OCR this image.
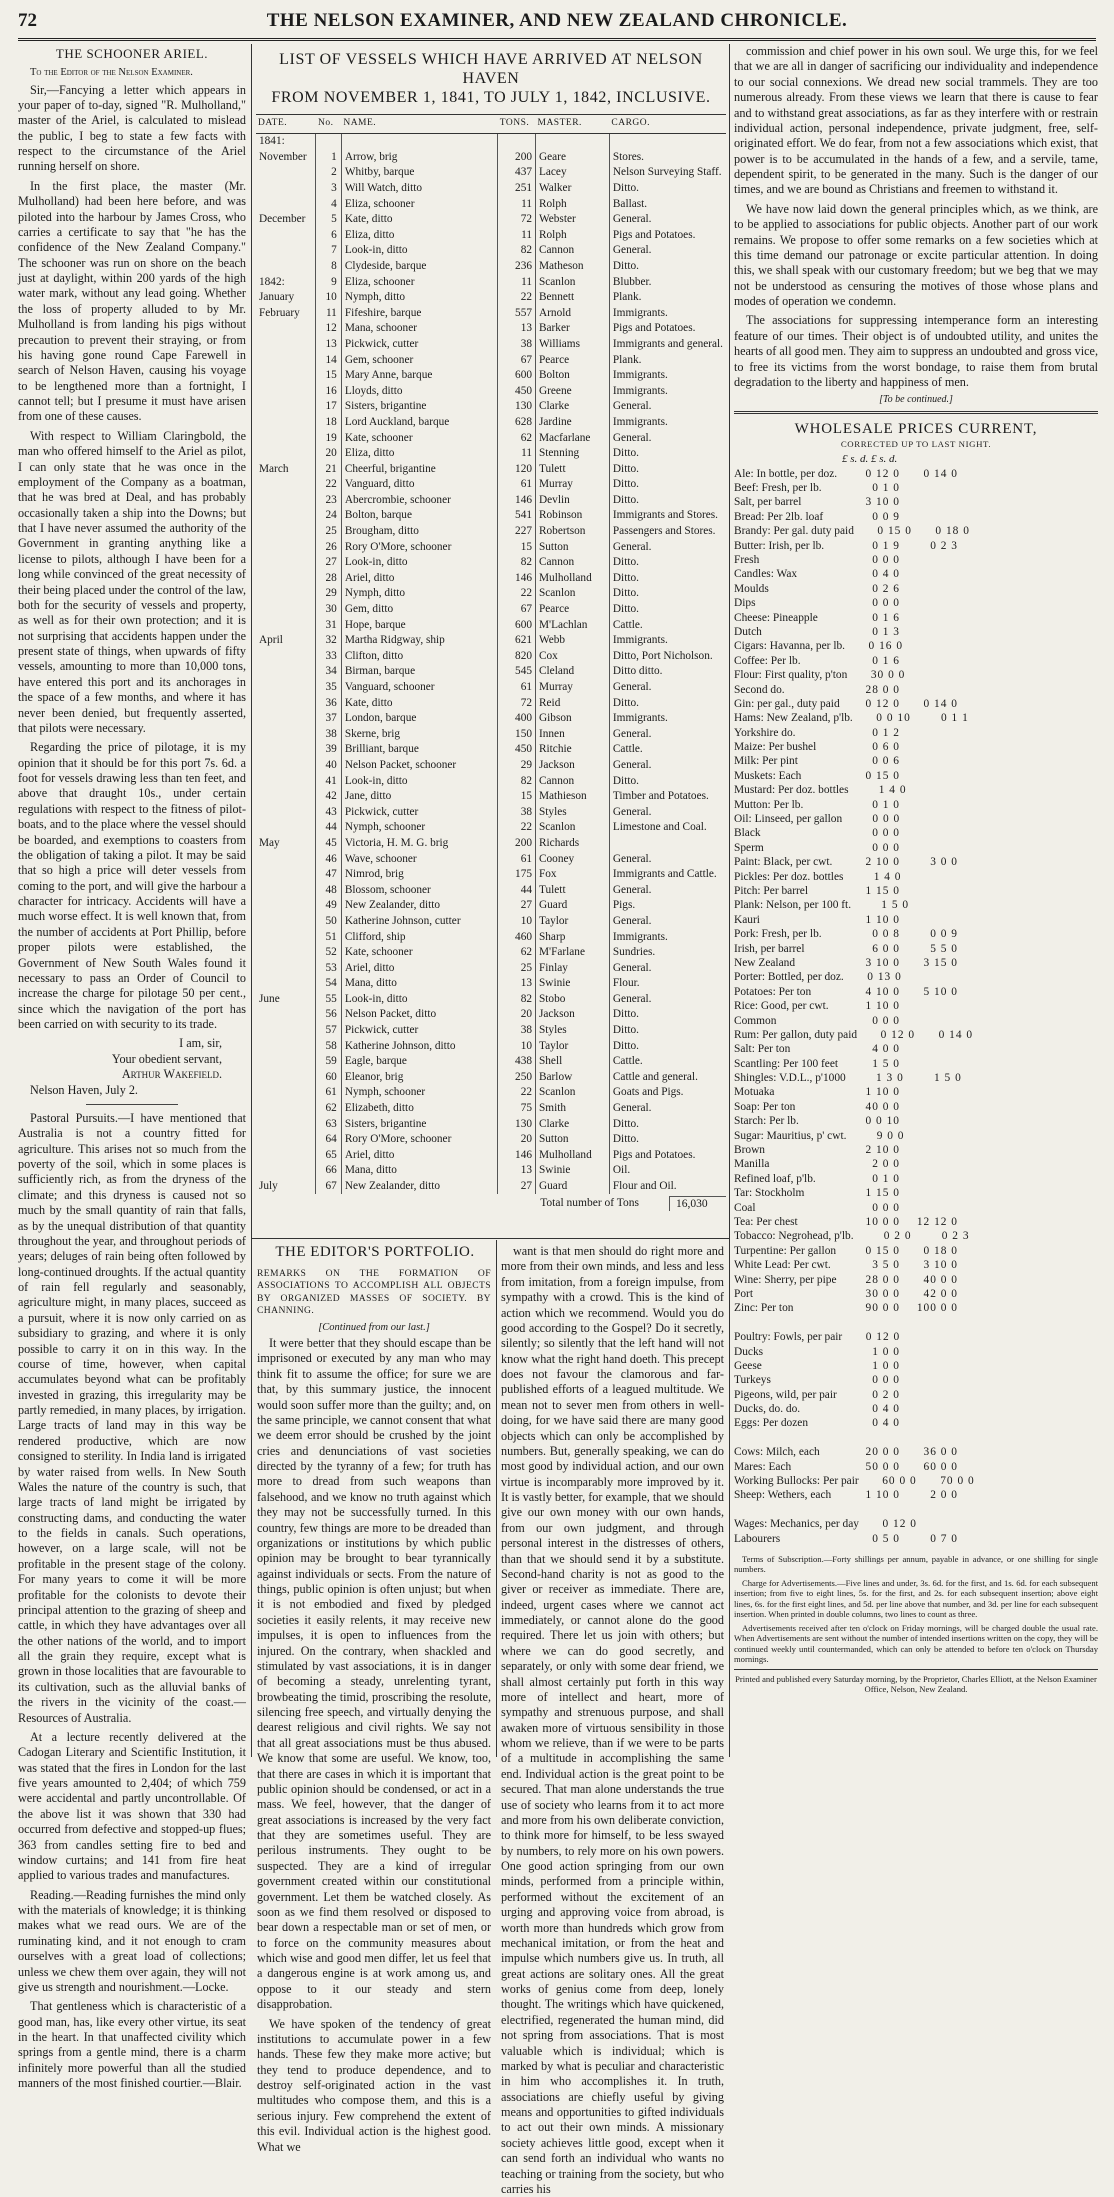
72	THE NELSON EXAMINER, AND NEW ZEALAND CHRONICLE.
THE SCHOONER ARIEL.
To the Editor of the Nelson Examiner.

Sir,—Fancying a letter which appears in your paper of to-day, signed "R. Mulholland," master of the Ariel, is calculated to mislead the public, I beg to state a few facts with respect to the circumstance of the Ariel running herself on shore.

In the first place, the master (Mr. Mulholland) had been here before, and was piloted into the harbour by James Cross, who carries a certificate to say that "he has the confidence of the New Zealand Company." The schooner was run on shore on the beach just at daylight, within 200 yards of the high water mark, without any lead going. Whether the loss of property alluded to by Mr. Mulholland is from landing his pigs without precaution to prevent their straying, or from his having gone round Cape Farewell in search of Nelson Haven, causing his voyage to be lengthened more than a fortnight, I cannot tell; but I presume it must have arisen from one of these causes.

With respect to William Claringbold, the man who offered himself to the Ariel as pilot, I can only state that he was once in the employment of the Company as a boatman, that he was bred at Deal, and has probably occasionally taken a ship into the Downs; but that I have never assumed the authority of the Government in granting anything like a license to pilots, although I have been for a long while convinced of the great necessity of their being placed under the control of the law, both for the security of vessels and property, as well as for their own protection; and it is not surprising that accidents happen under the present state of things, when upwards of fifty vessels, amounting to more than 10,000 tons, have entered this port and its anchorages in the space of a few months, and where it has never been denied, but frequently asserted, that pilots were necessary.

Regarding the price of pilotage, it is my opinion that it should be for this port 7s. 6d. a foot for vessels drawing less than ten feet, and above that draught 10s., under certain regulations with respect to the fitness of pilot-boats, and to the place where the vessel should be boarded, and exemptions to coasters from the obligation of taking a pilot. It may be said that so high a price will deter vessels from coming to the port, and will give the harbour a character for intricacy. Accidents will have a much worse effect. It is well known that, from the number of accidents at Port Phillip, before proper pilots were established, the Government of New South Wales found it necessary to pass an Order of Council to increase the charge for pilotage 50 per cent., since which the navigation of the port has been carried on with security to its trade.

I am, sir,
Your obedient servant,
Arthur Wakefield.
Nelson Haven, July 2.

Pastoral Pursuits.—I have mentioned that Australia is not a country fitted for agriculture. This arises not so much from the poverty of the soil, which in some places is sufficiently rich, as from the dryness of the climate; and this dryness is caused not so much by the small quantity of rain that falls, as by the unequal distribution of that quantity throughout the year, and throughout periods of years; deluges of rain being often followed by long-continued droughts. If the actual quantity of rain fell regularly and seasonably, agriculture might, in many places, succeed as a pursuit, where it is now only carried on as subsidiary to grazing, and where it is only possible to carry it on in this way. In the course of time, however, when capital accumulates beyond what can be profitably invested in grazing, this irregularity may be partly remedied, in many places, by irrigation. Large tracts of land may in this way be rendered productive, which are now consigned to sterility. In India land is irrigated by water raised from wells. In New South Wales the nature of the country is such, that large tracts of land might be irrigated by constructing dams, and conducting the water to the fields in canals. Such operations, however, on a large scale, will not be profitable in the present stage of the colony. For many years to come it will be more profitable for the colonists to devote their principal attention to the grazing of sheep and cattle, in which they have advantages over all the other nations of the world, and to import all the grain they require, except what is grown in those localities that are favourable to its cultivation, such as the alluvial banks of the rivers in the vicinity of the coast.—Resources of Australia.

At a lecture recently delivered at the Cadogan Literary and Scientific Institution, it was stated that the fires in London for the last five years amounted to 2,404; of which 759 were accidental and partly uncontrollable. Of the above list it was shown that 330 had occurred from defective and stopped-up flues; 363 from candles setting fire to bed and window curtains; and 141 from fire heat applied to various trades and manufactures.

Reading.—Reading furnishes the mind only with the materials of knowledge; it is thinking makes what we read ours. We are of the ruminating kind, and it not enough to cram ourselves with a great load of collections; unless we chew them over again, they will not give us strength and nourishment.—Locke.

That gentleness which is characteristic of a good man, has, like every other virtue, its seat in the heart. In that unaffected civility which springs from a gentle mind, there is a charm infinitely more powerful than all the studied manners of the most finished courtier.—Blair.

LIST OF VESSELS WHICH HAVE ARRIVED AT NELSON HAVEN
FROM NOVEMBER 1, 1841, TO JULY 1, 1842, INCLUSIVE.
DATE.	No.	NAME.	TONS.	MASTER.	CARGO.
1841:					
November	1	Arrow, brig	200	Geare	Stores.
	2	Whitby, barque	437	Lacey	Nelson Surveying Staff.
	3	Will Watch, ditto	251	Walker	Ditto.
	4	Eliza, schooner	11	Rolph	Ballast.
December	5	Kate, ditto	72	Webster	General.
	6	Eliza, ditto	11	Rolph	Pigs and Potatoes.
	7	Look-in, ditto	82	Cannon	General.
	8	Clydeside, barque	236	Matheson	Ditto.
1842:	9	Eliza, schooner	11	Scanlon	Blubber.
January	10	Nymph, ditto	22	Bennett	Plank.
February	11	Fifeshire, barque	557	Arnold	Immigrants.
	12	Mana, schooner	13	Barker	Pigs and Potatoes.
	13	Pickwick, cutter	38	Williams	Immigrants and general.
	14	Gem, schooner	67	Pearce	Plank.
	15	Mary Anne, barque	600	Bolton	Immigrants.
	16	Lloyds, ditto	450	Greene	Immigrants.
	17	Sisters, brigantine	130	Clarke	General.
	18	Lord Auckland, barque	628	Jardine	Immigrants.
	19	Kate, schooner	62	Macfarlane	General.
	20	Eliza, ditto	11	Stenning	Ditto.
March	21	Cheerful, brigantine	120	Tulett	Ditto.
	22	Vanguard, ditto	61	Murray	Ditto.
	23	Abercrombie, schooner	146	Devlin	Ditto.
	24	Bolton, barque	541	Robinson	Immigrants and Stores.
	25	Brougham, ditto	227	Robertson	Passengers and Stores.
	26	Rory O'More, schooner	15	Sutton	General.
	27	Look-in, ditto	82	Cannon	Ditto.
	28	Ariel, ditto	146	Mulholland	Ditto.
	29	Nymph, ditto	22	Scanlon	Ditto.
	30	Gem, ditto	67	Pearce	Ditto.
	31	Hope, barque	600	M'Lachlan	Cattle.
April	32	Martha Ridgway, ship	621	Webb	Immigrants.
	33	Clifton, ditto	820	Cox	Ditto, Port Nicholson.
	34	Birman, barque	545	Cleland	Ditto ditto.
	35	Vanguard, schooner	61	Murray	General.
	36	Kate, ditto	72	Reid	Ditto.
	37	London, barque	400	Gibson	Immigrants.
	38	Skerne, brig	150	Innen	General.
	39	Brilliant, barque	450	Ritchie	Cattle.
	40	Nelson Packet, schooner	29	Jackson	General.
	41	Look-in, ditto	82	Cannon	Ditto.
	42	Jane, ditto	15	Mathieson	Timber and Potatoes.
	43	Pickwick, cutter	38	Styles	General.
	44	Nymph, schooner	22	Scanlon	Limestone and Coal.
May	45	Victoria, H. M. G. brig	200	Richards	
	46	Wave, schooner	61	Cooney	General.
	47	Nimrod, brig	175	Fox	Immigrants and Cattle.
	48	Blossom, schooner	44	Tulett	General.
	49	New Zealander, ditto	27	Guard	Pigs.
	50	Katherine Johnson, cutter	10	Taylor	General.
	51	Clifford, ship	460	Sharp	Immigrants.
	52	Kate, schooner	62	M'Farlane	Sundries.
	53	Ariel, ditto	25	Finlay	General.
	54	Mana, ditto	13	Swinie	Flour.
June	55	Look-in, ditto	82	Stobo	General.
	56	Nelson Packet, ditto	20	Jackson	Ditto.
	57	Pickwick, cutter	38	Styles	Ditto.
	58	Katherine Johnson, ditto	10	Taylor	Ditto.
	59	Eagle, barque	438	Shell	Cattle.
	60	Eleanor, brig	250	Barlow	Cattle and general.
	61	Nymph, schooner	22	Scanlon	Goats and Pigs.
	62	Elizabeth, ditto	75	Smith	General.
	63	Sisters, brigantine	130	Clarke	Ditto.
	64	Rory O'More, schooner	20	Sutton	Ditto.
	65	Ariel, ditto	146	Mulholland	Pigs and Potatoes.
	66	Mana, ditto	13	Swinie	Oil.
July	67	New Zealander, ditto	27	Guard	Flour and Oil.
Total number of Tons	16,030
THE EDITOR'S PORTFOLIO.
REMARKS ON THE FORMATION OF ASSOCIATIONS TO ACCOMPLISH ALL OBJECTS BY ORGANIZED MASSES OF SOCIETY. BY CHANNING.
[Continued from our last.]

It were better that they should escape than be imprisoned or executed by any man who may think fit to assume the office; for sure we are that, by this summary justice, the innocent would soon suffer more than the guilty; and, on the same principle, we cannot consent that what we deem error should be crushed by the joint cries and denunciations of vast societies directed by the tyranny of a few; for truth has more to dread from such weapons than falsehood, and we know no truth against which they may not be successfully turned. In this country, few things are more to be dreaded than organizations or institutions by which public opinion may be brought to bear tyrannically against individuals or sects. From the nature of things, public opinion is often unjust; but when it is not embodied and fixed by pledged societies it easily relents, it may receive new impulses, it is open to influences from the injured. On the contrary, when shackled and stimulated by vast associations, it is in danger of becoming a steady, unrelenting tyrant, browbeating the timid, proscribing the resolute, silencing free speech, and virtually denying the dearest religious and civil rights. We say not that all great associations must be thus abused. We know that some are useful. We know, too, that there are cases in which it is important that public opinion should be condensed, or act in a mass. We feel, however, that the danger of great associations is increased by the very fact that they are sometimes useful. They are perilous instruments. They ought to be suspected. They are a kind of irregular government created within our constitutional government. Let them be watched closely. As soon as we find them resolved or disposed to bear down a respectable man or set of men, or to force on the community measures about which wise and good men differ, let us feel that a dangerous engine is at work among us, and oppose to it our steady and stern disapprobation.

We have spoken of the tendency of great institutions to accumulate power in a few hands. These few they make more active; but they tend to produce dependence, and to destroy self-originated action in the vast multitudes who compose them, and this is a serious injury. Few comprehend the extent of this evil. Individual action is the highest good. What we

want is that men should do right more and more from their own minds, and less and less from imitation, from a foreign impulse, from sympathy with a crowd. This is the kind of action which we recommend. Would you do good according to the Gospel? Do it secretly, silently; so silently that the left hand will not know what the right hand doeth. This precept does not favour the clamorous and far-published efforts of a leagued multitude. We mean not to sever men from others in well-doing, for we have said there are many good objects which can only be accomplished by numbers. But, generally speaking, we can do most good by individual action, and our own virtue is incomparably more improved by it. It is vastly better, for example, that we should give our own money with our own hands, from our own judgment, and through personal interest in the distresses of others, than that we should send it by a substitute. Second-hand charity is not as good to the giver or receiver as immediate. There are, indeed, urgent cases where we cannot act immediately, or cannot alone do the good required. There let us join with others; but where we can do good secretly, and separately, or only with some dear friend, we shall almost certainly put forth in this way more of intellect and heart, more of sympathy and strenuous purpose, and shall awaken more of virtuous sensibility in those whom we relieve, than if we were to be parts of a multitude in accomplishing the same end. Individual action is the great point to be secured. That man alone understands the true use of society who learns from it to act more and more from his own deliberate conviction, to think more for himself, to be less swayed by numbers, to rely more on his own powers. One good action springing from our own minds, performed from a principle within, performed without the excitement of an urging and approving voice from abroad, is worth more than hundreds which grow from mechanical imitation, or from the heat and impulse which numbers give us. In truth, all great actions are solitary ones. All the great works of genius come from deep, lonely thought. The writings which have quickened, electrified, regenerated the human mind, did not spring from associations. That is most valuable which is individual; which is marked by what is peculiar and characteristic in him who accomplishes it. In truth, associations are chiefly useful by giving means and opportunities to gifted individuals to act out their own minds. A missionary society achieves little good, except when it can send forth an individual who wants no teaching or training from the society, but who carries his

commission and chief power in his own soul. We urge this, for we feel that we are all in danger of sacrificing our individuality and independence to our social connexions. We dread new social trammels. They are too numerous already. From these views we learn that there is cause to fear and to withstand great associations, as far as they interfere with or restrain individual action, personal independence, private judgment, free, self-originated effort. We do fear, from not a few associations which exist, that power is to be accumulated in the hands of a few, and a servile, tame, dependent spirit, to be generated in the many. Such is the danger of our times, and we are bound as Christians and freemen to withstand it.

We have now laid down the general principles which, as we think, are to be applied to associations for public objects. Another part of our work remains. We propose to offer some remarks on a few societies which at this time demand our patronage or excite particular attention. In doing this, we shall speak with our customary freedom; but we beg that we may not be understood as censuring the motives of those whose plans and modes of operation we condemn.

The associations for suppressing intemperance form an interesting feature of our times. Their object is of undoubted utility, and unites the hearts of all good men. They aim to suppress an undoubted and gross vice, to free its victims from the worst bondage, to raise them from brutal degradation to the liberty and happiness of men.

[To be continued.]
WHOLESALE PRICES CURRENT,
CORRECTED UP TO LAST NIGHT.
£ s. d. £ s. d.
Ale: In bottle, per doz.	0 12 0	0 14 0
Beef: Fresh, per lb.	0 1 0
Salt, per barrel	3 10 0
Bread: Per 2lb. loaf	0 0 9
Brandy: Per gal. duty paid	0 15 0	0 18 0
Butter: Irish, per lb.	0 1 9	0 2 3
Fresh	0 0 0
Candles: Wax	0 4 0
Moulds	0 2 6
Dips	0 0 0
Cheese: Pineapple	0 1 6
Dutch	0 1 3
Cigars: Havanna, per lb.	0 16 0
Coffee: Per lb.	0 1 6
Flour: First quality, p'ton	30 0 0
Second do.	28 0 0
Gin: per gal., duty paid	0 12 0	0 14 0
Hams: New Zealand, p'lb.	0 0 10	0 1 1
Yorkshire do.	0 1 2
Maize: Per bushel	0 6 0
Milk: Per pint	0 0 6
Muskets: Each	0 15 0
Mustard: Per doz. bottles	1 4 0
Mutton: Per lb.	0 1 0
Oil: Linseed, per gallon	0 0 0
Black	0 0 0
Sperm	0 0 0
Paint: Black, per cwt.	2 10 0	3 0 0
Pickles: Per doz. bottles	1 4 0
Pitch: Per barrel	1 15 0
Plank: Nelson, per 100 ft.	1 5 0
Kauri	1 10 0
Pork: Fresh, per lb.	0 0 8	0 0 9
Irish, per barrel	6 0 0	5 5 0
New Zealand	3 10 0	3 15 0
Porter: Bottled, per doz.	0 13 0
Potatoes: Per ton	4 10 0	5 10 0
Rice: Good, per cwt.	1 10 0
Common	0 0 0
Rum: Per gallon, duty paid	0 12 0	0 14 0
Salt: Per ton	4 0 0
Scantling: Per 100 feet	1 5 0
Shingles: V.D.L., p'1000	1 3 0	1 5 0
Motuaka	1 10 0
Soap: Per ton	40 0 0
Starch: Per lb.	0 0 10
Sugar: Mauritius, p' cwt.	9 0 0
Brown	2 10 0
Manilla	2 0 0
Refined loaf, p'lb.	0 1 0
Tar: Stockholm	1 15 0
Coal	0 0 0
Tea: Per chest	10 0 0	12 12 0
Tobacco: Negrohead, p'lb.	0 2 0	0 2 3
Turpentine: Per gallon	0 15 0	0 18 0
White Lead: Per cwt.	3 5 0	3 10 0
Wine: Sherry, per pipe	28 0 0	40 0 0
Port	30 0 0	42 0 0
Zinc: Per ton	90 0 0	100 0 0
Poultry: Fowls, per pair	0 12 0
Ducks	1 0 0
Geese	1 0 0
Turkeys	0 0 0
Pigeons, wild, per pair	0 2 0
Ducks, do. do.	0 4 0
Eggs: Per dozen	0 4 0
Cows: Milch, each	20 0 0	36 0 0
Mares: Each	50 0 0	60 0 0
Working Bullocks: Per pair	60 0 0	70 0 0
Sheep: Wethers, each	1 10 0	2 0 0
Wages: Mechanics, per day	0 12 0
Labourers	0 5 0	0 7 0

Terms of Subscription.—Forty shillings per annum, payable in advance, or one shilling for single numbers.

Charge for Advertisements.—Five lines and under, 3s. 6d. for the first, and 1s. 6d. for each subsequent insertion; from five to eight lines, 5s. for the first, and 2s. for each subsequent insertion; above eight lines, 6s. for the first eight lines, and 5d. per line above that number, and 3d. per line for each subsequent insertion. When printed in double columns, two lines to count as three.

Advertisements received after ten o'clock on Friday mornings, will be charged double the usual rate. When Advertisements are sent without the number of intended insertions written on the copy, they will be continued weekly until countermanded, which can only be attended to before ten o'clock on Thursday mornings.

Printed and published every Saturday morning, by the Proprietor, Charles Elliott, at the Nelson Examiner Office, Nelson, New Zealand.
